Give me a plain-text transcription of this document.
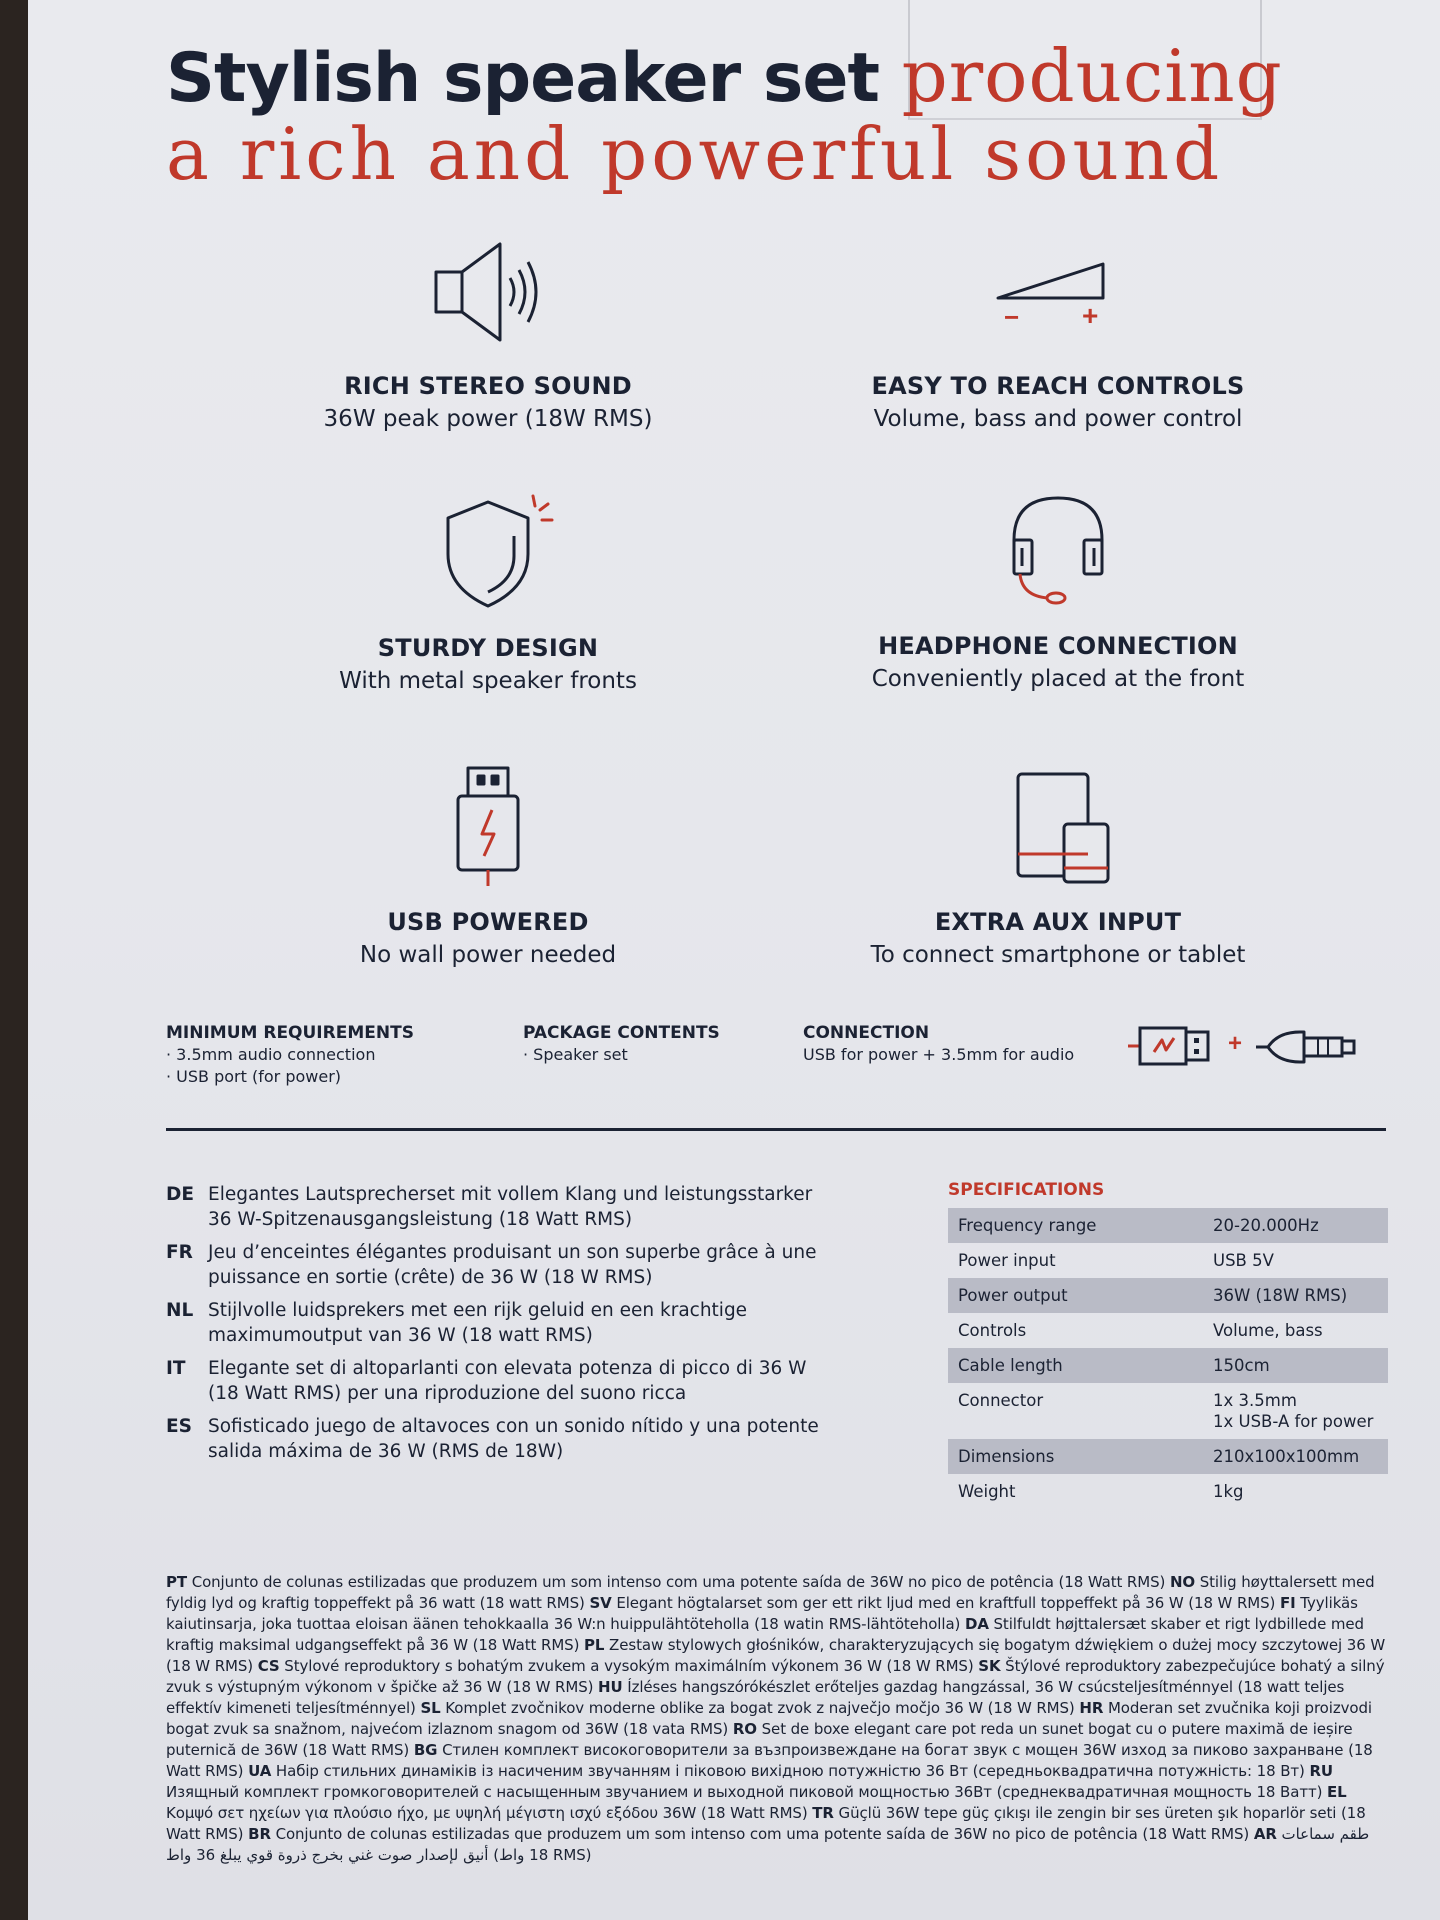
Stylish speaker set producing
a rich and powerful sound
RICH STEREO SOUND
36W peak power (18W RMS)
− +
EASY TO REACH CONTROLS
Volume, bass and power control
STURDY DESIGN
With metal speaker fronts
HEADPHONE CONNECTION
Conveniently placed at the front
USB POWERED
No wall power needed
EXTRA AUX INPUT
To connect smartphone or tablet
MINIMUM REQUIREMENTS
· 3.5mm audio connection
· USB port (for power)
PACKAGE CONTENTS
· Speaker set
CONNECTION
USB for power + 3.5mm for audio	+
DE Elegantes Lautsprecherset mit vollem Klang und leistungsstarker 36 W-Spitzenausgangsleistung (18 Watt RMS)
FR Jeu d’enceintes élégantes produisant un son superbe grâce à une puissance en sortie (crête) de 36 W (18 W RMS)
NL Stijlvolle luidsprekers met een rijk geluid en een krachtige maximumoutput van 36 W (18 watt RMS)
IT	Elegante set di altoparlanti con elevata potenza di picco di 36 W (18 Watt RMS) per una riproduzione del suono ricca
ES Sofisticado juego de altavoces con un sonido nítido y una potente salida máxima de 36 W (RMS de 18W)
SPECIFICATIONS
Frequency range	20-20.000Hz
Power input	USB 5V
Power output	36W (18W RMS)
Controls	Volume, bass
Cable length	150cm
Connector	1x 3.5mm
1x USB-A for power
Dimensions	210x100x100mm
Weight	1kg
PT Conjunto de colunas estilizadas que produzem um som intenso com uma potente saída de 36W no pico de potência (18 Watt RMS) NO Stilig høyttalersett med fyldig lyd og kraftig toppeffekt på 36 watt (18 watt RMS) SV Elegant högtalarset som ger ett rikt ljud med en kraftfull toppeffekt på 36 W (18 W RMS) FI Tyylikäs kaiutinsarja, joka tuottaa eloisan äänen tehokkaalla 36 W:n huippulähtöteholla (18 watin RMS-lähtöteholla) DA Stilfuldt højttalersæt skaber et rigt lydbillede med kraftig maksimal udgangseffekt på 36 W (18 Watt RMS) PL Zestaw stylowych głośników, charakteryzujących się bogatym dźwiękiem o dużej mocy szczytowej 36 W (18 W RMS) CS Stylové reproduktory s bohatým zvukem a vysokým maximálním výkonem 36 W (18 W RMS) SK Štýlové reproduktory zabezpečujúce bohatý a silný zvuk s výstupným výkonom v špičke až 36 W (18 W RMS) HU Ízléses hangszórókészlet erőteljes gazdag hangzással, 36 W csúcsteljesítménnyel (18 watt teljes effektív kimeneti teljesítménnyel) SL Komplet zvočnikov moderne oblike za bogat zvok z največjo močjo 36 W (18 W RMS) HR Moderan set zvučnika koji proizvodi bogat zvuk sa snažnom, najvećom izlaznom snagom od 36W (18 vata RMS) RO Set de boxe elegant care pot reda un sunet bogat cu o putere maximă de ieșire puternică de 36W (18 Watt RMS) BG Стилен комплект високоговорители за възпроизвеждане на богат звук с мощен 36W изход за пиково захранване (18 Watt RMS) UA Набір стильних динаміків із насиченим звучанням і піковою вихідною потужністю 36 Вт (середньоквадратична потужність: 18 Вт) RU Изящный комплект громкоговорителей с насыщенным звучанием и выходной пиковой мощностью 36Вт (среднеквадратичная мощность 18 Ватт) EL Κομψό σετ ηχείων για πλούσιο ήχο, με υψηλή μέγιστη ισχύ εξόδου 36W (18 Watt RMS) TR Güçlü 36W tepe güç çıkışı ile zengin bir ses üreten şık hoparlör seti (18 Watt RMS) BR Conjunto de colunas estilizadas que produzem um som intenso com uma potente saída de 36W no pico de potência (18 Watt RMS) AR طقم سماعات أنيق لإصدار صوت غني بخرج ذروة قوي يبلغ 36 واط (18 واط RMS)
